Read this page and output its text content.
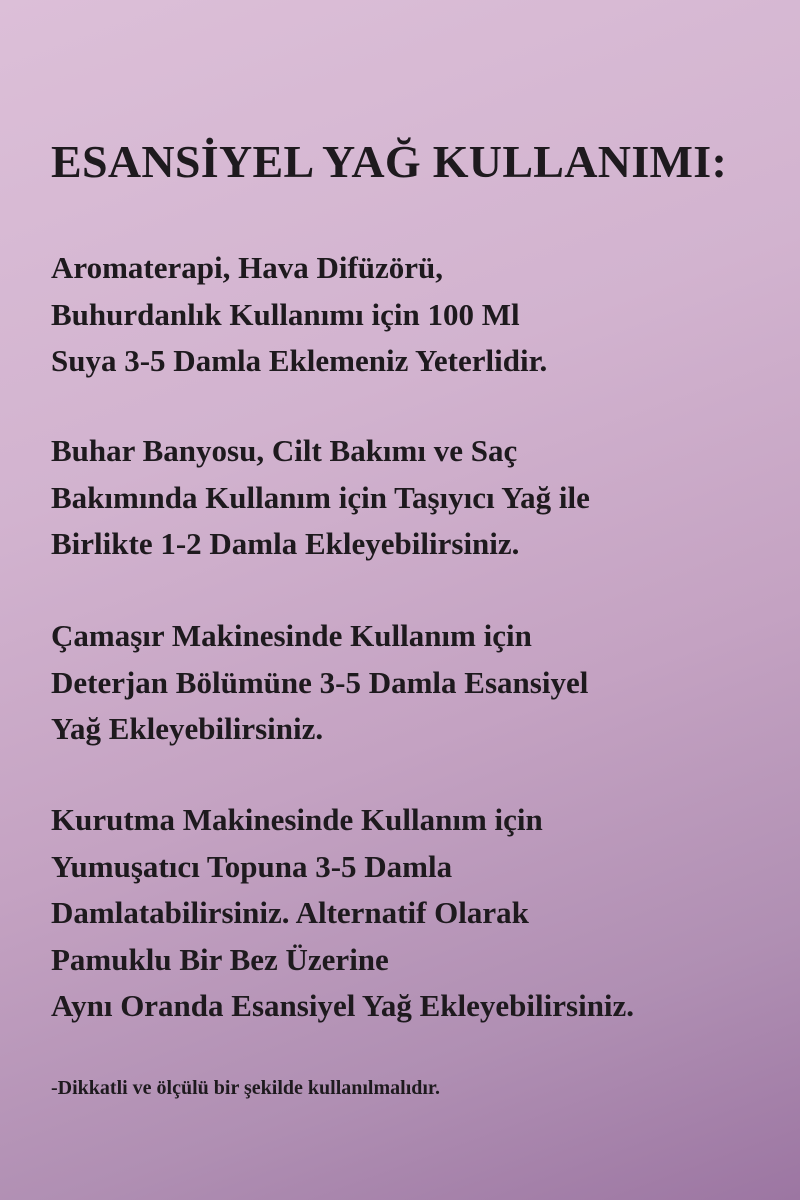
ESANSİYEL YAĞ KULLANIMI:

Aromaterapi, Hava Difüzörü,
Buhurdanlık Kullanımı için 100 Ml
Suya 3-5 Damla Eklemeniz Yeterlidir.

Buhar Banyosu, Cilt Bakımı ve Saç
Bakımında Kullanım için Taşıyıcı Yağ ile
Birlikte 1-2 Damla Ekleyebilirsiniz.

Çamaşır Makinesinde Kullanım için
Deterjan Bölümüne 3-5 Damla Esansiyel
Yağ Ekleyebilirsiniz.

Kurutma Makinesinde Kullanım için
Yumuşatıcı Topuna 3-5 Damla
Damlatabilirsiniz. Alternatif Olarak
Pamuklu Bir Bez Üzerine
Aynı Oranda Esansiyel Yağ Ekleyebilirsiniz.

-Dikkatli ve ölçülü bir şekilde kullanılmalıdır.
